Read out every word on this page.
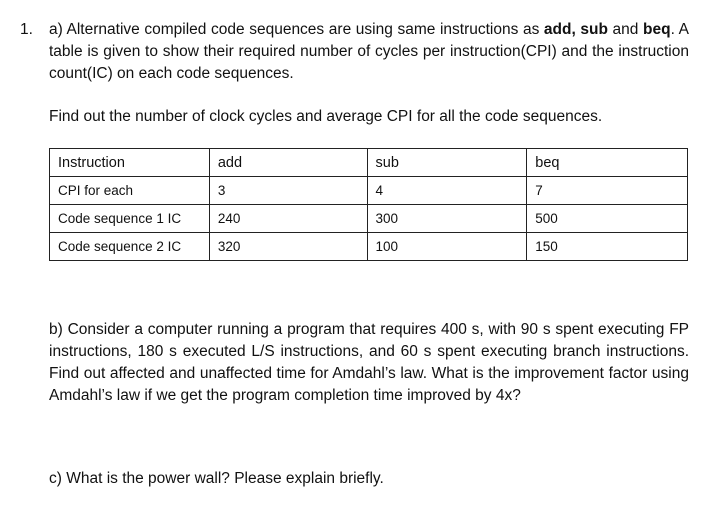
1. a) Alternative compiled code sequences are using same instructions as add, sub and beq. A table is given to show their required number of cycles per instruction(CPI) and the instruction count(IC) on each code sequences.
Find out the number of clock cycles and average CPI for all the code sequences.
Instruction	add	sub	beq
CPI for each	3	4	7
Code sequence 1 IC	240	300	500
Code sequence 2 IC	320	100	150
b) Consider a computer running a program that requires 400 s, with 90 s spent executing FP instructions, 180 s executed L/S instructions, and 60 s spent executing branch instructions. Find out affected and unaffected time for Amdahl’s law. What is the improvement factor using Amdahl’s law if we get the program completion time improved by 4x?
c) What is the power wall? Please explain briefly.
